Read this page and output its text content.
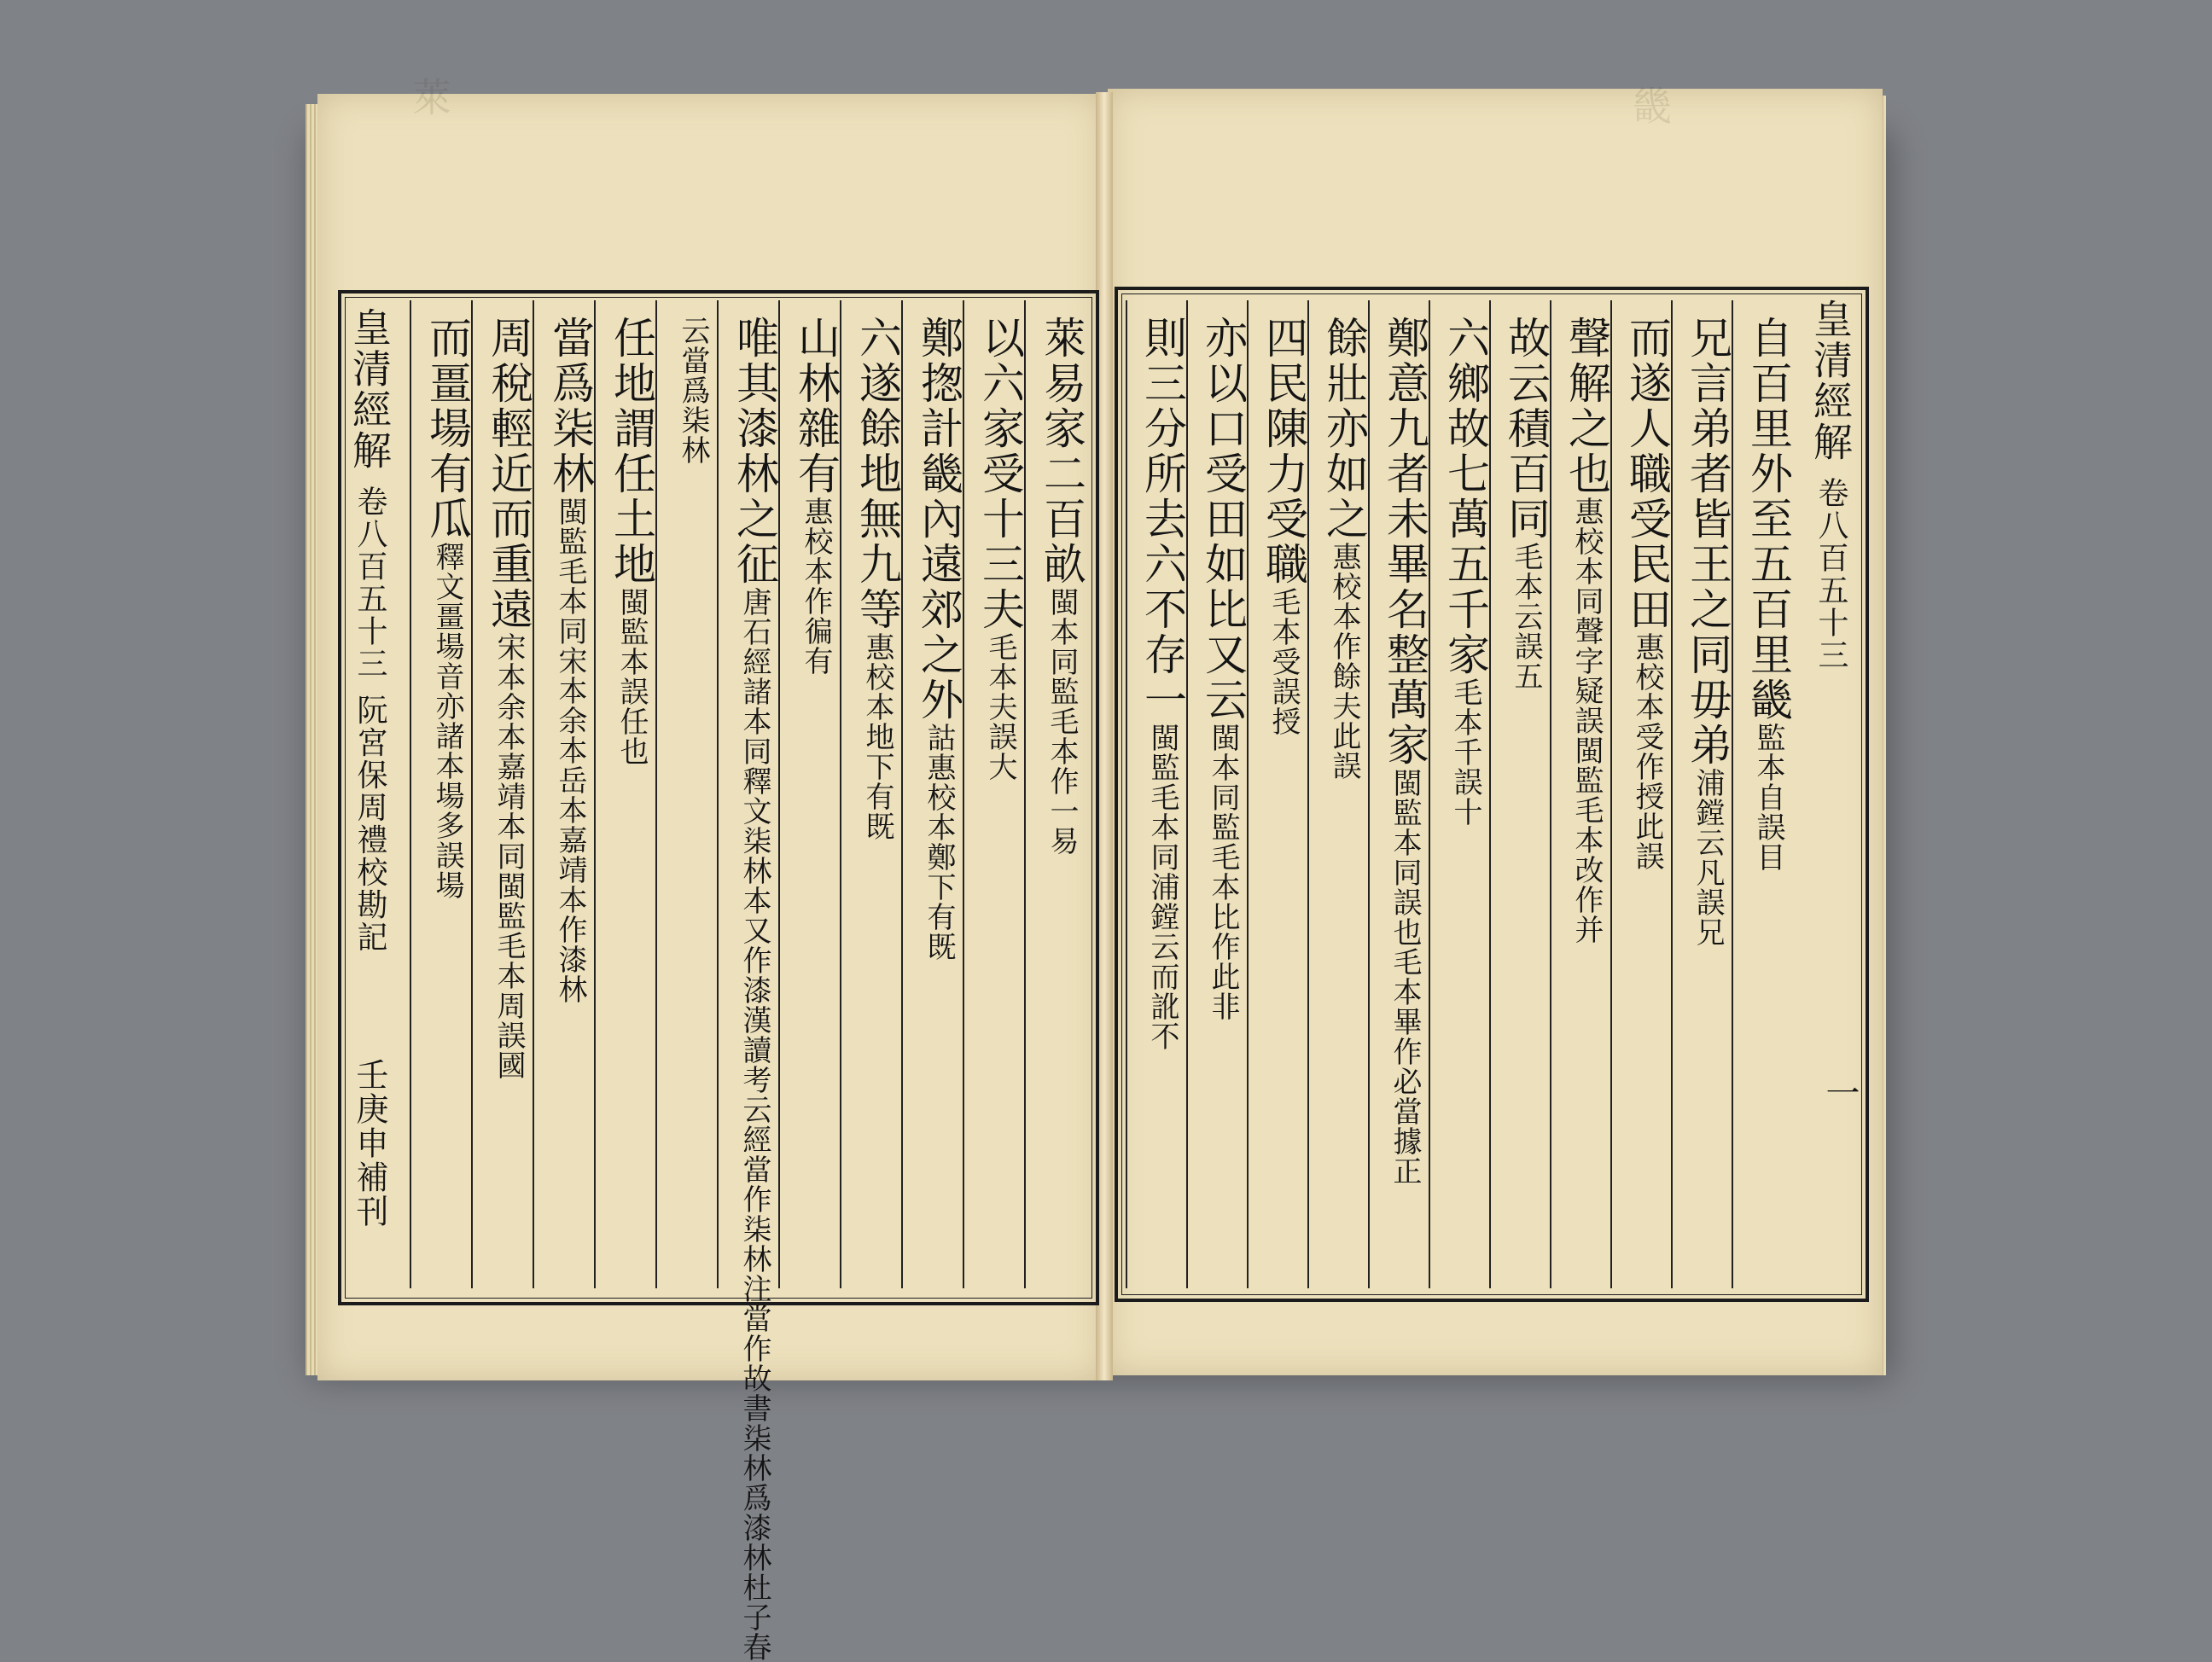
萊	畿
皇清經解 卷八百五十三 阮宮保周禮校勘記
壬庚申補刊
萊易家二百畝閩本同監毛本作一易
以六家受十三夫毛本夫誤大
鄭揔計畿內遠郊之外詁惠校本鄭下有既
六遂餘地無九等惠校本地下有既
山林雜有惠校本作徧有
唯其漆林之征唐石經諸本同釋文柒林本又作漆漢讀考云經當作柒林注當作故書柒林爲漆林杜子春
云當爲柒林
任地謂任土地閩監本誤任也
當爲柒林閩監毛本同宋本余本岳本嘉靖本作漆林
周稅輕近而重遠宋本余本嘉靖本同閩監毛本周誤國
而畺場有瓜釋文畺場音亦諸本場多誤場
皇清經解 卷八百五十三
一
自百里外至五百里畿監本自誤目
兄言弟者皆王之同毋弟浦鏜云凡誤兄
而遂人職受民田惠校本受作授此誤
聲解之也惠校本同聲字疑誤閩監毛本改作并
故云積百同毛本云誤五
六鄉故七萬五千家毛本千誤十
鄭意九者未畢名整萬家閩監本同誤也毛本畢作必當據正
餘壯亦如之惠校本作餘夫此誤
四民陳力受職毛本受誤授
亦以口受田如比又云閩本同監毛本比作此非
則三分所去六不存一閩監毛本同浦鏜云而訛不
